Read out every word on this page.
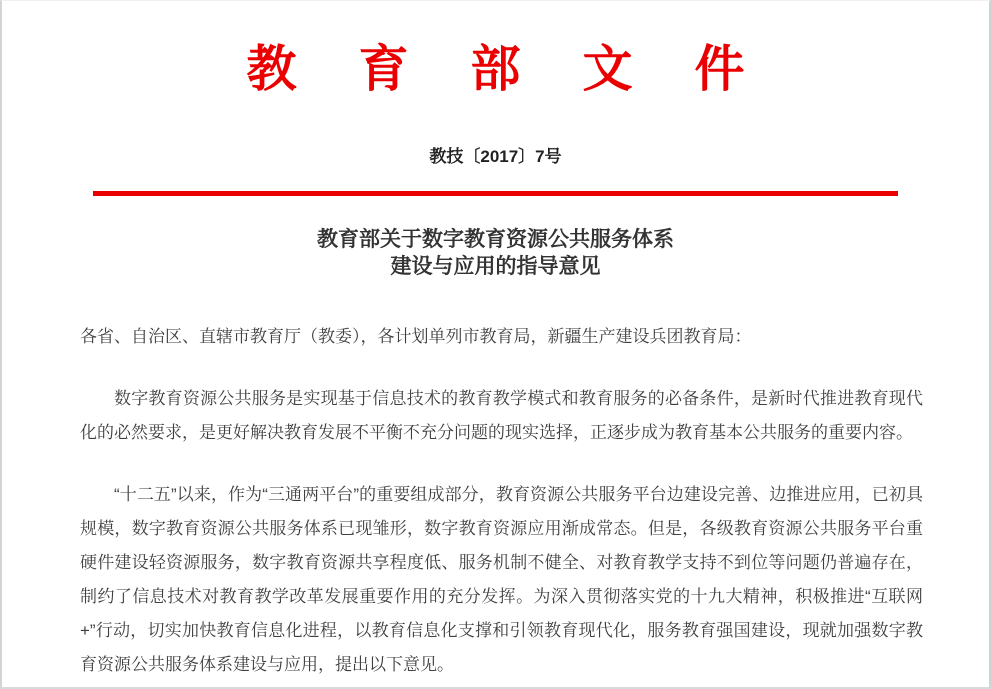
教育部文件
教技〔2017〕7号
教育部关于数字教育资源公共服务体系
建设与应用的指导意见

各省、自治区、直辖市教育厅（教委），各计划单列市教育局，新疆生产建设兵团教育局：

数字教育资源公共服务是实现基于信息技术的教育教学模式和教育服务的必备条件，是新时代推进教育现代化的必然要求，是更好解决教育发展不平衡不充分问题的现实选择，正逐步成为教育基本公共服务的重要内容。

“十二五”以来，作为“三通两平台”的重要组成部分，教育资源公共服务平台边建设完善、边推进应用，已初具规模，数字教育资源公共服务体系已现雏形，数字教育资源应用渐成常态。但是，各级教育资源公共服务平台重硬件建设轻资源服务，数字教育资源共享程度低、服务机制不健全、对教育教学支持不到位等问题仍普遍存在，制约了信息技术对教育教学改革发展重要作用的充分发挥。为深入贯彻落实党的十九大精神，积极推进“互联网+”行动，切实加快教育信息化进程，以教育信息化支撑和引领教育现代化，服务教育强国建设，现就加强数字教育资源公共服务体系建设与应用，提出以下意见。
